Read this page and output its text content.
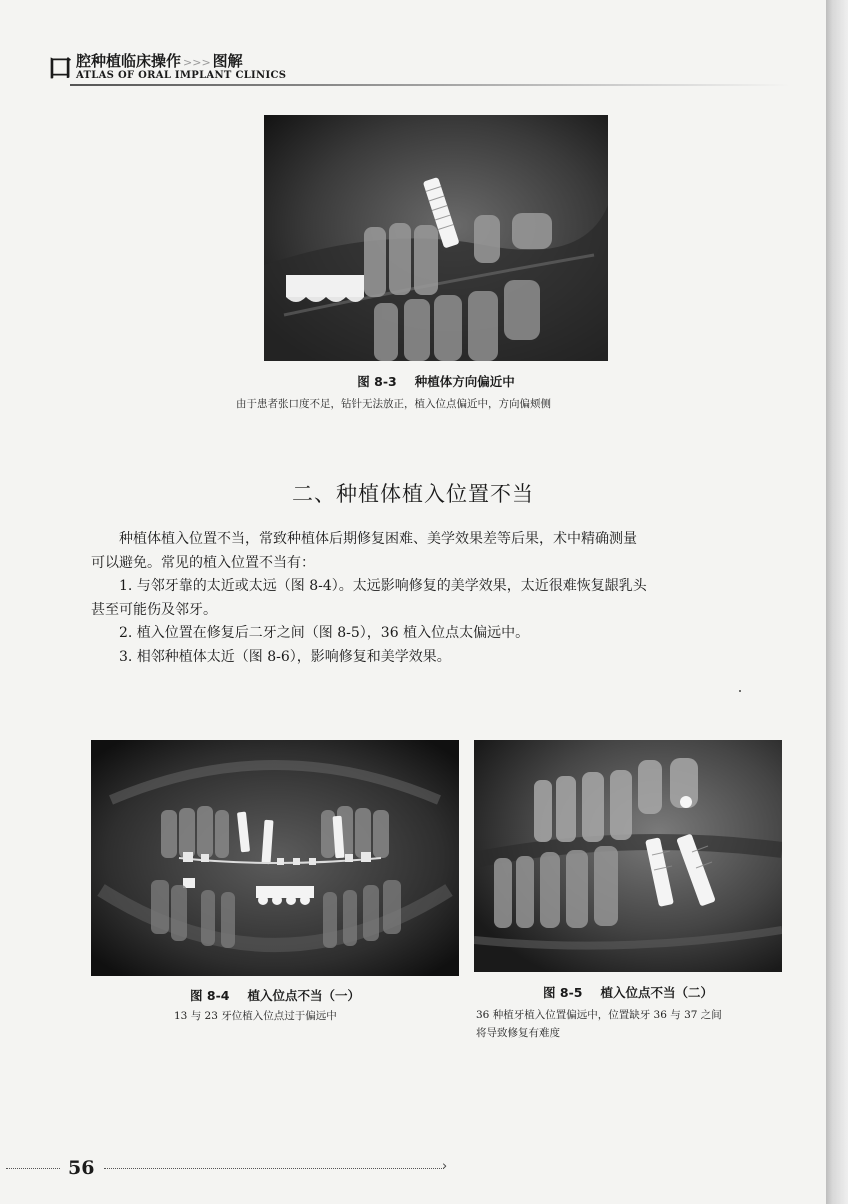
口 腔种植临床操作 >>> 图解
ATLAS OF ORAL IMPLANT CLINICS
图 8-3 种植体方向偏近中
由于患者张口度不足，钻针无法放正，植入位点偏近中，方向偏颊侧
二、种植体植入位置不当

种植体植入位置不当，常致种植体后期修复困难、美学效果差等后果，术中精确测量

可以避免。常见的植入位置不当有：

1. 与邻牙靠的太近或太远（图 8-4）。太远影响修复的美学效果，太近很难恢复龈乳头

甚至可能伤及邻牙。

2. 植入位置在修复后二牙之间（图 8-5），36 植入位点太偏远中。

3. 相邻种植体太近（图 8-6），影响修复和美学效果。

图 8-4 植入位点不当（一）
13 与 23 牙位植入位点过于偏远中
图 8-5 植入位点不当（二）
36 种植牙植入位置偏远中，位置缺牙 36 与 37 之间
将导致修复有难度
56	›
